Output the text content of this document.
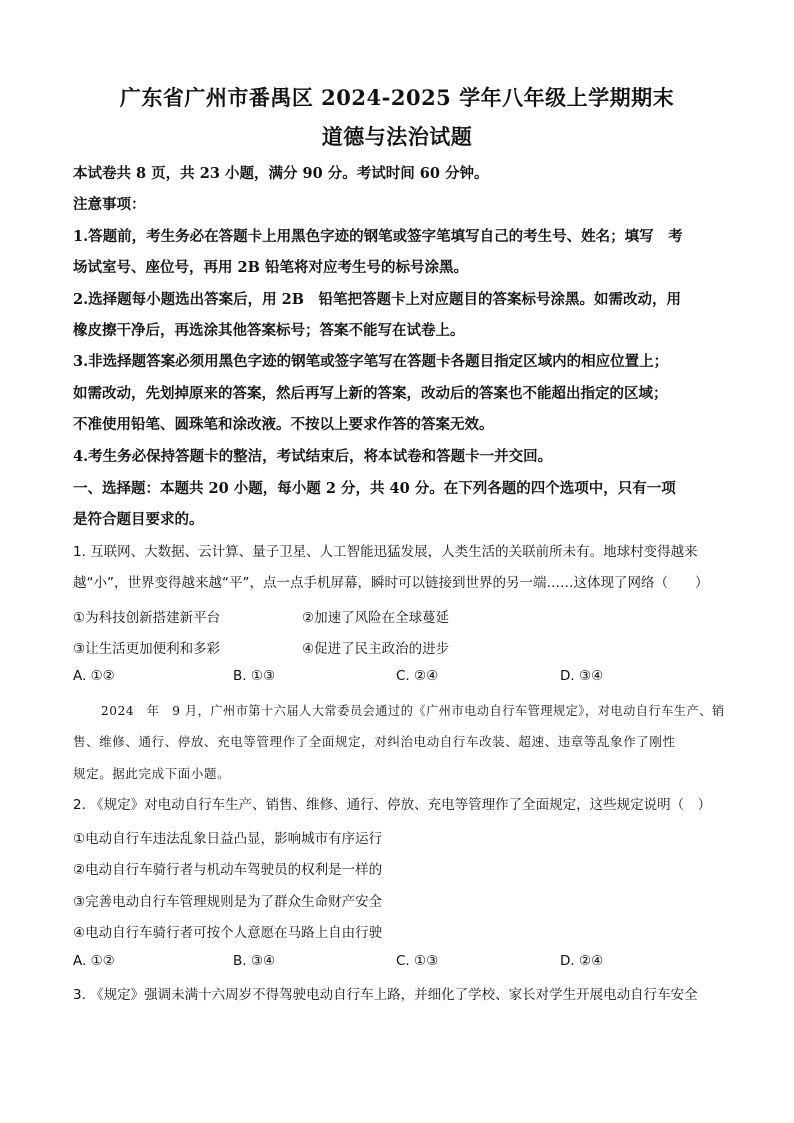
广东省广州市番禺区 2024-2025 学年八年级上学期期末
道德与法治试题
本试卷共 8 页，共 23 小题，满分 90 分。考试时间 60 分钟。
注意事项：
1.答题前，考生务必在答题卡上用黑色字迹的钢笔或签字笔填写自己的考生号、姓名；填写　考
场试室号、座位号，再用 2B 铅笔将对应考生号的标号涂黑。
2.选择题每小题选出答案后，用 2B　铅笔把答题卡上对应题目的答案标号涂黑。如需改动，用
橡皮擦干净后，再选涂其他答案标号；答案不能写在试卷上。
3.非选择题答案必须用黑色字迹的钢笔或签字笔写在答题卡各题目指定区域内的相应位置上；
如需改动，先划掉原来的答案，然后再写上新的答案，改动后的答案也不能超出指定的区域；
不准使用铅笔、圆珠笔和涂改液。不按以上要求作答的答案无效。
4.考生务必保持答题卡的整洁，考试结束后，将本试卷和答题卡一并交回。
一、选择题：本题共 20 小题，每小题 2 分，共 40 分。在下列各题的四个选项中，只有一项
是符合题目要求的。
1. 互联网、大数据、云计算、量子卫星、人工智能迅猛发展，人类生活的关联前所未有。地球村变得越来
越“小”，世界变得越来越“平”，点一点手机屏幕，瞬时可以链接到世界的另一端……这体现了网络（　　）
①为科技创新搭建新平台	②加速了风险在全球蔓延
③让生活更加便利和多彩	④促进了民主政治的进步
A. ①②	B. ①③	C. ②④	D. ③④
2024　年　9 月，广州市第十六届人大常委员会通过的《广州市电动自行车管理规定》，对电动自行车生产、销
售、维修、通行、停放、充电等管理作了全面规定，对纠治电动自行车改装、超速、违章等乱象作了刚性
规定。据此完成下面小题。
2. 《规定》对电动自行车生产、销售、维修、通行、停放、充电等管理作了全面规定，这些规定说明（　）
①电动自行车违法乱象日益凸显，影响城市有序运行
②电动自行车骑行者与机动车驾驶员的权利是一样的
③完善电动自行车管理规则是为了群众生命财产安全
④电动自行车骑行者可按个人意愿在马路上自由行驶
A. ①②	B. ③④	C. ①③	D. ②④
3. 《规定》强调未满十六周岁不得驾驶电动自行车上路，并细化了学校、家长对学生开展电动自行车安全
